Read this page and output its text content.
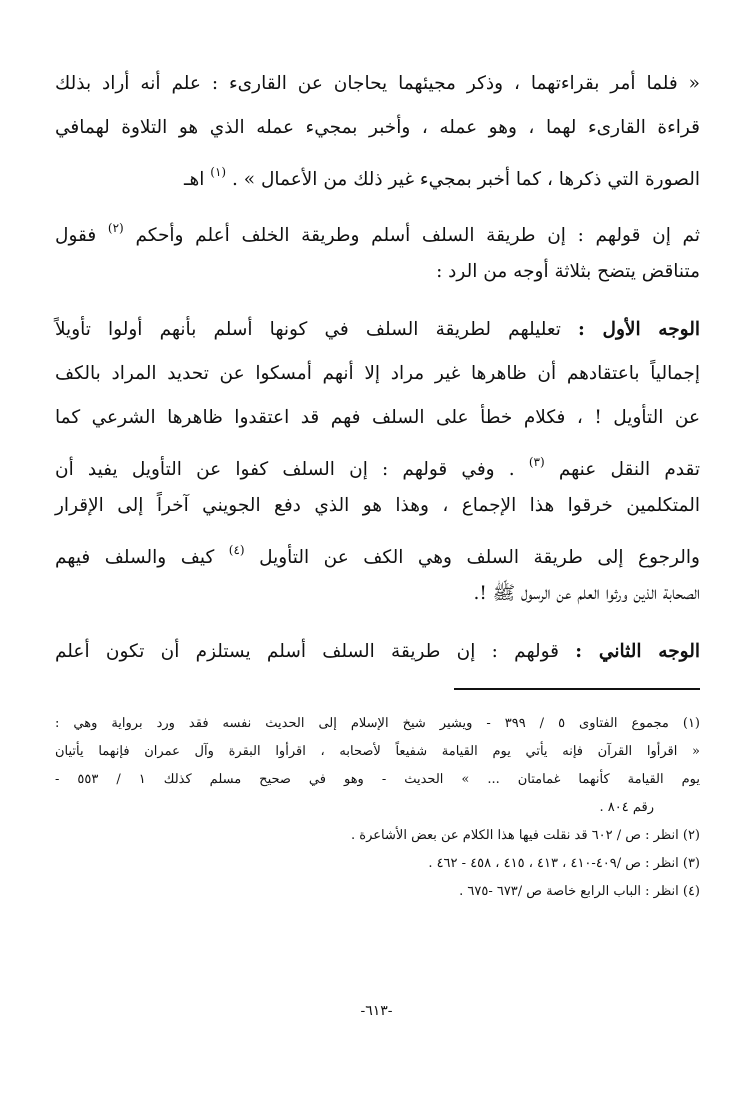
« فلما أمر بقراءتهما ، وذكر مجيئهما يحاجان عن القارىء : علم أنه أراد بذلك
قراءة القارىء لهما ، وهو عمله ، وأخبر بمجيء عمله الذي هو التلاوة لهمافي
الصورة التي ذكرها ، كما أخبر بمجيء غير ذلك من الأعمال » . $^{(١)}$ اهـ
ثم إن قولهم : إن طريقة السلف أسلم وطريقة الخلف أعلم وأحكم $^{(٢)}$ فقول
متناقض يتضح بثلاثة أوجه من الرد :
الوجه الأول : تعليلهم لطريقة السلف في كونها أسلم بأنهم أولوا تأويلاً
إجمالياً باعتقادهم أن ظاهرها غير مراد إلا أنهم أمسكوا عن تحديد المراد بالكف
عن التأويل ! ، فكلام خطأ على السلف فهم قد اعتقدوا ظاهرها الشرعي كما
تقدم النقل عنهم $^{(٣)}$ . وفي قولهم : إن السلف كفوا عن التأويل يفيد أن
المتكلمين خرقوا هذا الإجماع ، وهذا هو الذي دفع الجويني آخراً إلى الإقرار
والرجوع إلى طريقة السلف وهي الكف عن التأويل $^{(٤)}$ كيف والسلف فيهم
الصحابة الذين ورثوا العلم عن الرسول ﷺ !.
الوجه الثاني : قولهم : إن طريقة السلف أسلم يستلزم أن تكون أعلم
(١) مجموع الفتاوى ٥ / ٣٩٩ - ويشير شيخ الإسلام إلى الحديث نفسه فقد ورد برواية وهي :
« اقرأوا القرآن فإنه يأتي يوم القيامة شفيعاً لأصحابه ، اقرأوا البقرة وآل عمران فإنهما يأتيان
يوم القيامة كأنهما غمامتان ... » الحديث - وهو في صحيح مسلم كذلك ١ / ٥٥٣ -
رقم ٨٠٤ .
(٢) انظر : ص / ٦٠٢ قد نقلت فيها هذا الكلام عن بعض الأشاعرة .
(٣) انظر : ص /٤٠٩-٤١٠ ، ٤١٣ ، ٤١٥ ، ٤٥٨ - ٤٦٢ .
(٤) انظر : الباب الرابع خاصة ص /٦٧٣ -٦٧٥ .
-٦١٣-
